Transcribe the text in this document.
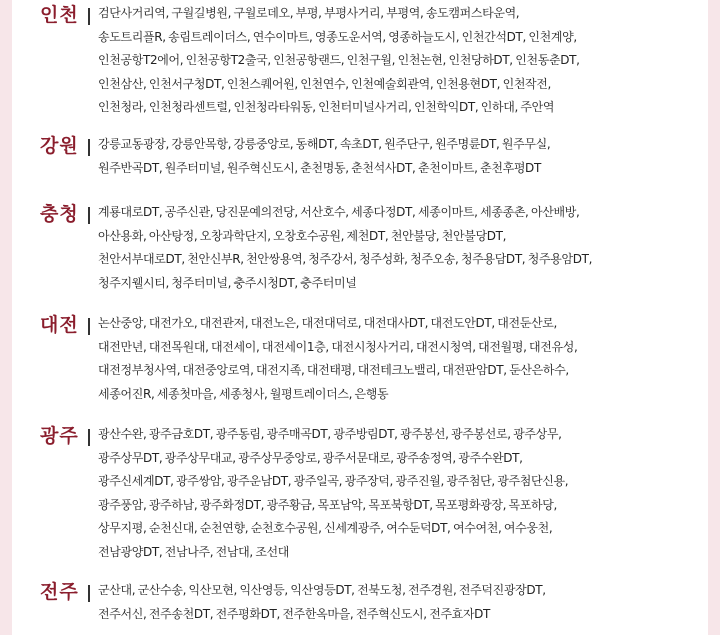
인천 검단사거리역, 구월길병원, 구월로데오, 부평, 부평사거리, 부평역, 송도캠퍼스타운역,
송도트리플R, 송림트레이더스, 연수이마트, 영종도운서역, 영종하늘도시, 인천간석DT, 인천계양,
인천공항T2에어, 인천공항T2출국, 인천공항랜드, 인천구월, 인천논현, 인천당하DT, 인천동춘DT,
인천삼산, 인천서구청DT, 인천스퀘어원, 인천연수, 인천예술회관역, 인천용현DT, 인천작전,
인천청라, 인천청라센트럴, 인천청라타워동, 인천터미널사거리, 인천학익DT, 인하대, 주안역
강원 강릉교동광장, 강릉안목항, 강릉중앙로, 동해DT, 속초DT, 원주단구, 원주명륜DT, 원주무실,
원주반곡DT, 원주터미널, 원주혁신도시, 춘천명동, 춘천석사DT, 춘천이마트, 춘천후평DT
충청 계룡대로DT, 공주신관, 당진문예의전당, 서산호수, 세종다정DT, 세종이마트, 세종종촌, 아산배방,
아산용화, 아산탕정, 오창과학단지, 오창호수공원, 제천DT, 천안불당, 천안불당DT,
천안서부대로DT, 천안신부R, 천안쌍용역, 청주강서, 청주성화, 청주오송, 청주용담DT, 청주용암DT,
청주지웰시티, 청주터미널, 충주시청DT, 충주터미널
대전 논산중앙, 대전가오, 대전관저, 대전노은, 대전대덕로, 대전대사DT, 대전도안DT, 대전둔산로,
대전만년, 대전목원대, 대전세이, 대전세이1층, 대전시청사거리, 대전시청역, 대전월평, 대전유성,
대전정부청사역, 대전중앙로역, 대전지족, 대전태평, 대전테크노밸리, 대전판암DT, 둔산은하수,
세종어진R, 세종첫마을, 세종청사, 월평트레이더스, 은행동
광주 광산수완, 광주금호DT, 광주동림, 광주매곡DT, 광주방림DT, 광주봉선, 광주봉선로, 광주상무,
광주상무DT, 광주상무대교, 광주상무중앙로, 광주서문대로, 광주송정역, 광주수완DT,
광주신세계DT, 광주쌍암, 광주운남DT, 광주일곡, 광주장덕, 광주진월, 광주첨단, 광주첨단신용,
광주풍암, 광주하남, 광주화정DT, 광주황금, 목포남악, 목포북항DT, 목포평화광장, 목포하당,
상무지평, 순천신대, 순천연향, 순천호수공원, 신세계광주, 여수둔덕DT, 여수여천, 여수웅천,
전남광양DT, 전남나주, 전남대, 조선대
전주 군산대, 군산수송, 익산모현, 익산영등, 익산영등DT, 전북도청, 전주경원, 전주덕진광장DT,
전주서신, 전주송천DT, 전주평화DT, 전주한옥마을, 전주혁신도시, 전주효자DT
